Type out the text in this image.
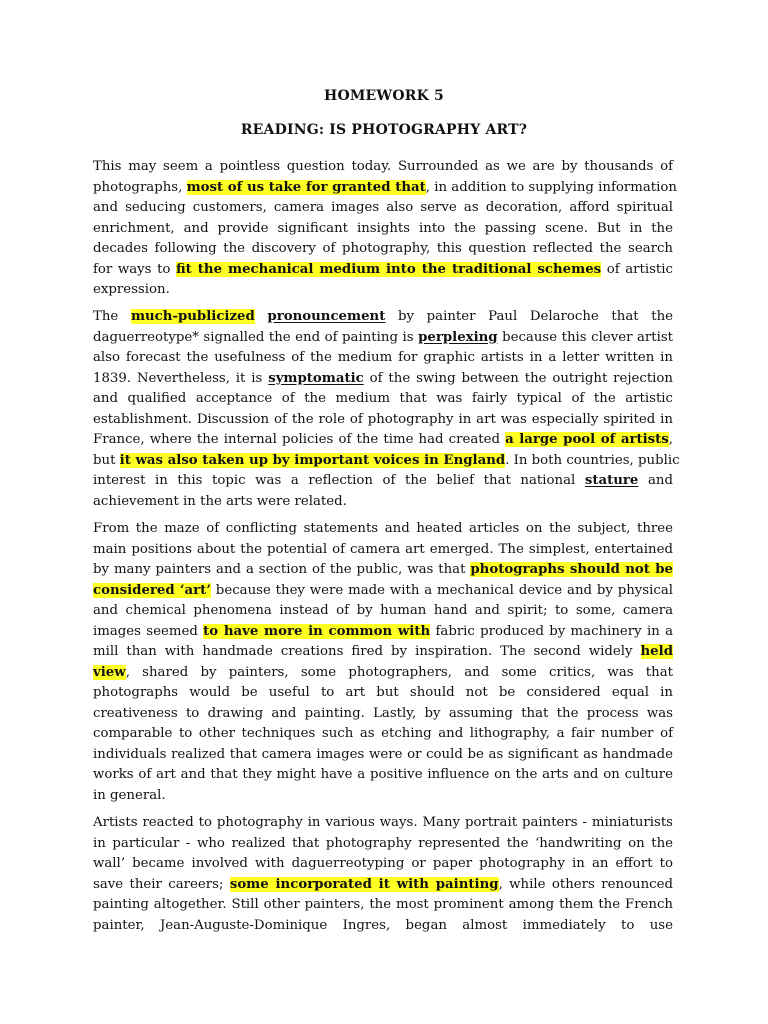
HOMEWORK 5
READING: IS PHOTOGRAPHY ART?
This may seem a pointless question today. Surrounded as we are by thousands of
photographs, most of us take for granted that, in addition to supplying information
and seducing customers, camera images also serve as decoration, afford spiritual
enrichment, and provide significant insights into the passing scene. But in the
decades following the discovery of photography, this question reflected the search
for ways to fit the mechanical medium into the traditional schemes of artistic
expression.
The much-publicized pronouncement by painter Paul Delaroche that the
daguerreotype* signalled the end of painting is perplexing because this clever artist
also forecast the usefulness of the medium for graphic artists in a letter written in
1839. Nevertheless, it is symptomatic of the swing between the outright rejection
and qualified acceptance of the medium that was fairly typical of the artistic
establishment. Discussion of the role of photography in art was especially spirited in
France, where the internal policies of the time had created a large pool of artists,
but it was also taken up by important voices in England. In both countries, public
interest in this topic was a reflection of the belief that national stature and
achievement in the arts were related.
From the maze of conflicting statements and heated articles on the subject, three
main positions about the potential of camera art emerged. The simplest, entertained
by many painters and a section of the public, was that photographs should not be
considered ‘art’ because they were made with a mechanical device and by physical
and chemical phenomena instead of by human hand and spirit; to some, camera
images seemed to have more in common with fabric produced by machinery in a
mill than with handmade creations fired by inspiration. The second widely held
view, shared by painters, some photographers, and some critics, was that
photographs would be useful to art but should not be considered equal in
creativeness to drawing and painting. Lastly, by assuming that the process was
comparable to other techniques such as etching and lithography, a fair number of
individuals realized that camera images were or could be as significant as handmade
works of art and that they might have a positive influence on the arts and on culture
in general.
Artists reacted to photography in various ways. Many portrait painters - miniaturists
in particular - who realized that photography represented the ‘handwriting on the
wall’ became involved with daguerreotyping or paper photography in an effort to
save their careers; some incorporated it with painting, while others renounced
painting altogether. Still other painters, the most prominent among them the French
painter, Jean-Auguste-Dominique Ingres, began almost immediately to use
